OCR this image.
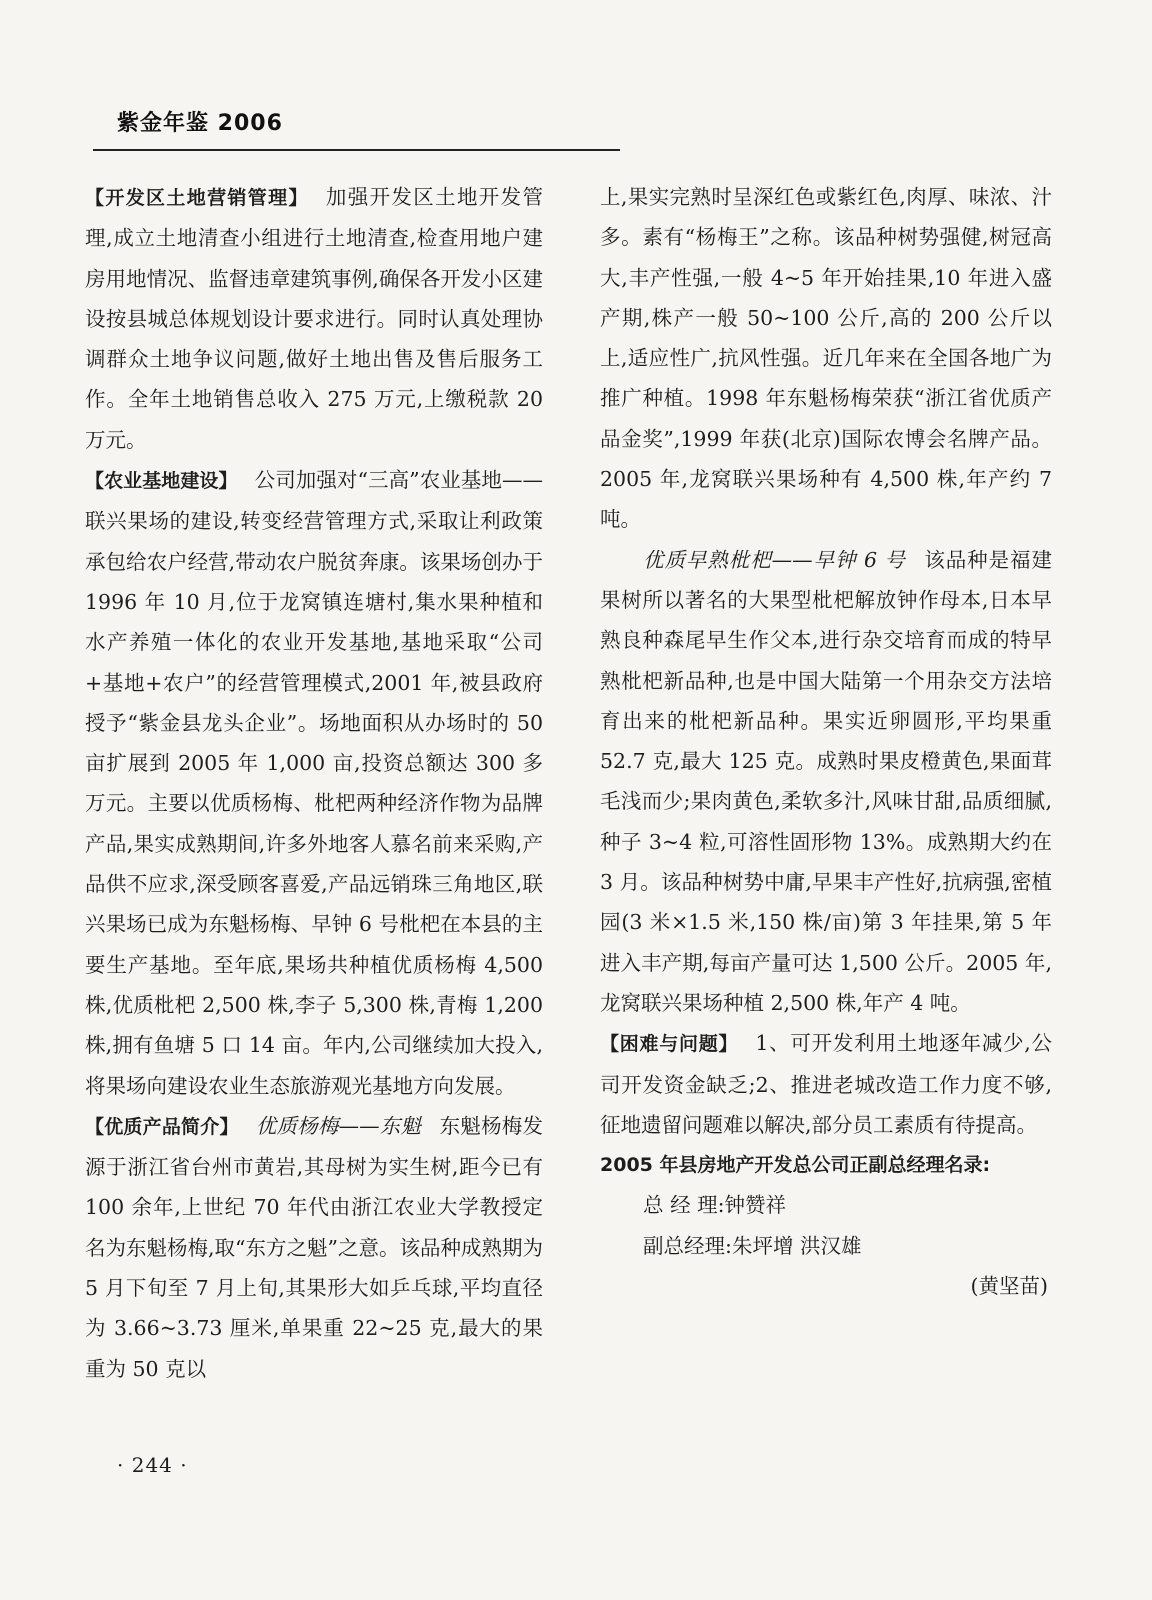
紫金年鉴 2006

【开发区土地营销管理】 加强开发区土地开发管理,成立土地清查小组进行土地清查,检查用地户建房用地情况、监督违章建筑事例,确保各开发小区建设按县城总体规划设计要求进行。同时认真处理协调群众土地争议问题,做好土地出售及售后服务工作。全年土地销售总收入 275 万元,上缴税款 20 万元。

【农业基地建设】 公司加强对“三高”农业基地——联兴果场的建设,转变经营管理方式,采取让利政策承包给农户经营,带动农户脱贫奔康。该果场创办于 1996 年 10 月,位于龙窝镇连塘村,集水果种植和水产养殖一体化的农业开发基地,基地采取“公司+基地+农户”的经营管理模式,2001 年,被县政府授予“紫金县龙头企业”。场地面积从办场时的 50 亩扩展到 2005 年 1,000 亩,投资总额达 300 多万元。主要以优质杨梅、枇杷两种经济作物为品牌产品,果实成熟期间,许多外地客人慕名前来采购,产品供不应求,深受顾客喜爱,产品远销珠三角地区,联兴果场已成为东魁杨梅、早钟 6 号枇杷在本县的主要生产基地。至年底,果场共种植优质杨梅 4,500 株,优质枇杷 2,500 株,李子 5,300 株,青梅 1,200 株,拥有鱼塘 5 口 14 亩。年内,公司继续加大投入,将果场向建设农业生态旅游观光基地方向发展。

【优质产品简介】 优质杨梅——东魁 东魁杨梅发源于浙江省台州市黄岩,其母树为实生树,距今已有 100 余年,上世纪 70 年代由浙江农业大学教授定名为东魁杨梅,取“东方之魁”之意。该品种成熟期为 5 月下旬至 7 月上旬,其果形大如乒乓球,平均直径为 3.66~3.73 厘米,单果重 22~25 克,最大的果重为 50 克以

上,果实完熟时呈深红色或紫红色,肉厚、味浓、汁多。素有“杨梅王”之称。该品种树势强健,树冠高大,丰产性强,一般 4~5 年开始挂果,10 年进入盛产期,株产一般 50~100 公斤,高的 200 公斤以上,适应性广,抗风性强。近几年来在全国各地广为推广种植。1998 年东魁杨梅荣获“浙江省优质产品金奖”,1999 年获(北京)国际农博会名牌产品。2005 年,龙窝联兴果场种有 4,500 株,年产约 7 吨。

优质早熟枇杷——早钟 6 号 该品种是福建果树所以著名的大果型枇杷解放钟作母本,日本早熟良种森尾早生作父本,进行杂交培育而成的特早熟枇杷新品种,也是中国大陆第一个用杂交方法培育出来的枇杷新品种。果实近卵圆形,平均果重 52.7 克,最大 125 克。成熟时果皮橙黄色,果面茸毛浅而少;果肉黄色,柔软多汁,风味甘甜,品质细腻,种子 3~4 粒,可溶性固形物 13%。成熟期大约在 3 月。该品种树势中庸,早果丰产性好,抗病强,密植园(3 米×1.5 米,150 株/亩)第 3 年挂果,第 5 年进入丰产期,每亩产量可达 1,500 公斤。2005 年,龙窝联兴果场种植 2,500 株,年产 4 吨。

【困难与问题】 1、可开发利用土地逐年减少,公司开发资金缺乏;2、推进老城改造工作力度不够,征地遗留问题难以解决,部分员工素质有待提高。

2005 年县房地产开发总公司正副总经理名录:

总 经 理:钟赞祥

副总经理:朱坪增 洪汉雄

(黄坚苗)

· 244 ·
